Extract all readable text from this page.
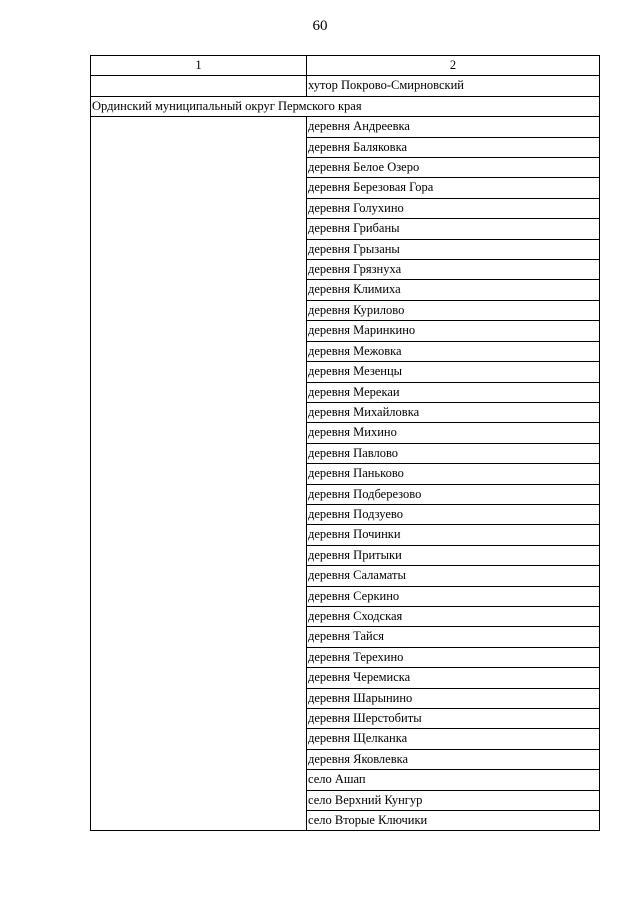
60
1	2
	хутор Покрово-Смирновский
Ординский муниципальный округ Пермского края	
	деревня Андреевка
	деревня Баляковка
	деревня Белое Озеро
	деревня Березовая Гора
	деревня Голухино
	деревня Грибаны
	деревня Грызаны
	деревня Грязнуха
	деревня Климиха
	деревня Курилово
	деревня Маринкино
	деревня Межовка
	деревня Мезенцы
	деревня Мерекаи
	деревня Михайловка
	деревня Михино
	деревня Павлово
	деревня Паньково
	деревня Подберезово
	деревня Подзуево
	деревня Починки
	деревня Притыки
	деревня Саламаты
	деревня Серкино
	деревня Сходская
	деревня Тайся
	деревня Терехино
	деревня Черемиска
	деревня Шарынино
	деревня Шерстобиты
	деревня Щелканка
	деревня Яковлевка
	село Ашап
	село Верхний Кунгур
	село Вторые Ключики
